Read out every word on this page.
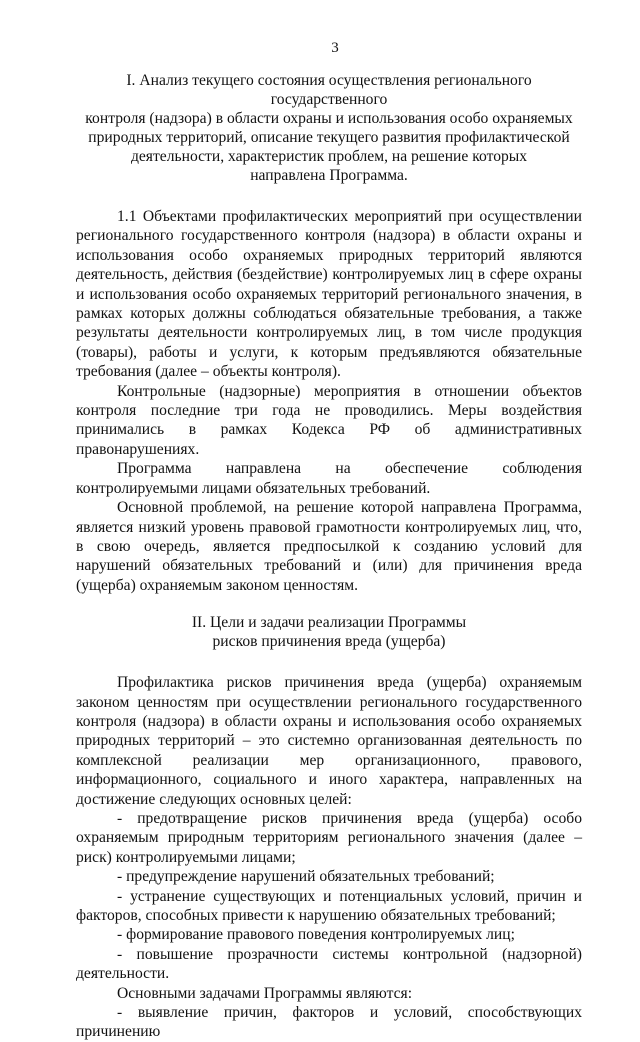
3
I. Анализ текущего состояния осуществления регионального государственного
контроля (надзора) в области охраны и использования особо охраняемых
природных территорий, описание текущего развития профилактической
деятельности, характеристик проблем, на решение которых
направлена Программа.

1.1 Объектами профилактических мероприятий при осуществлении регионального государственного контроля (надзора) в области охраны и использования особо охраняемых природных территорий являются деятельность, действия (бездействие) контролируемых лиц в сфере охраны и использования особо охраняемых территорий регионального значения, в рамках которых должны соблюдаться обязательные требования, а также результаты деятельности контролируемых лиц, в том числе продукция (товары), работы и услуги, к которым предъявляются обязательные требования (далее – объекты контроля).

Контрольные (надзорные) мероприятия в отношении объектов контроля последние три года не проводились. Меры воздействия принимались в рамках Кодекса РФ об административных правонарушениях.

Программа направлена на обеспечение соблюдения контролируемыми лицами обязательных требований.

Основной проблемой, на решение которой направлена Программа, является низкий уровень правовой грамотности контролируемых лиц, что, в свою очередь, является предпосылкой к созданию условий для нарушений обязательных требований и (или) для причинения вреда (ущерба) охраняемым законом ценностям.

II. Цели и задачи реализации Программы
рисков причинения вреда (ущерба)

Профилактика рисков причинения вреда (ущерба) охраняемым законом ценностям при осуществлении регионального государственного контроля (надзора) в области охраны и использования особо охраняемых природных территорий – это системно организованная деятельность по комплексной реализации мер организационного, правового, информационного, социального и иного характера, направленных на достижение следующих основных целей:

- предотвращение рисков причинения вреда (ущерба) особо охраняемым природным территориям регионального значения (далее – риск) контролируемыми лицами;

- предупреждение нарушений обязательных требований;

- устранение существующих и потенциальных условий, причин и факторов, способных привести к нарушению обязательных требований;

- формирование правового поведения контролируемых лиц;

- повышение прозрачности системы контрольной (надзорной) деятельности.

Основными задачами Программы являются:

- выявление причин, факторов и условий, способствующих причинению
